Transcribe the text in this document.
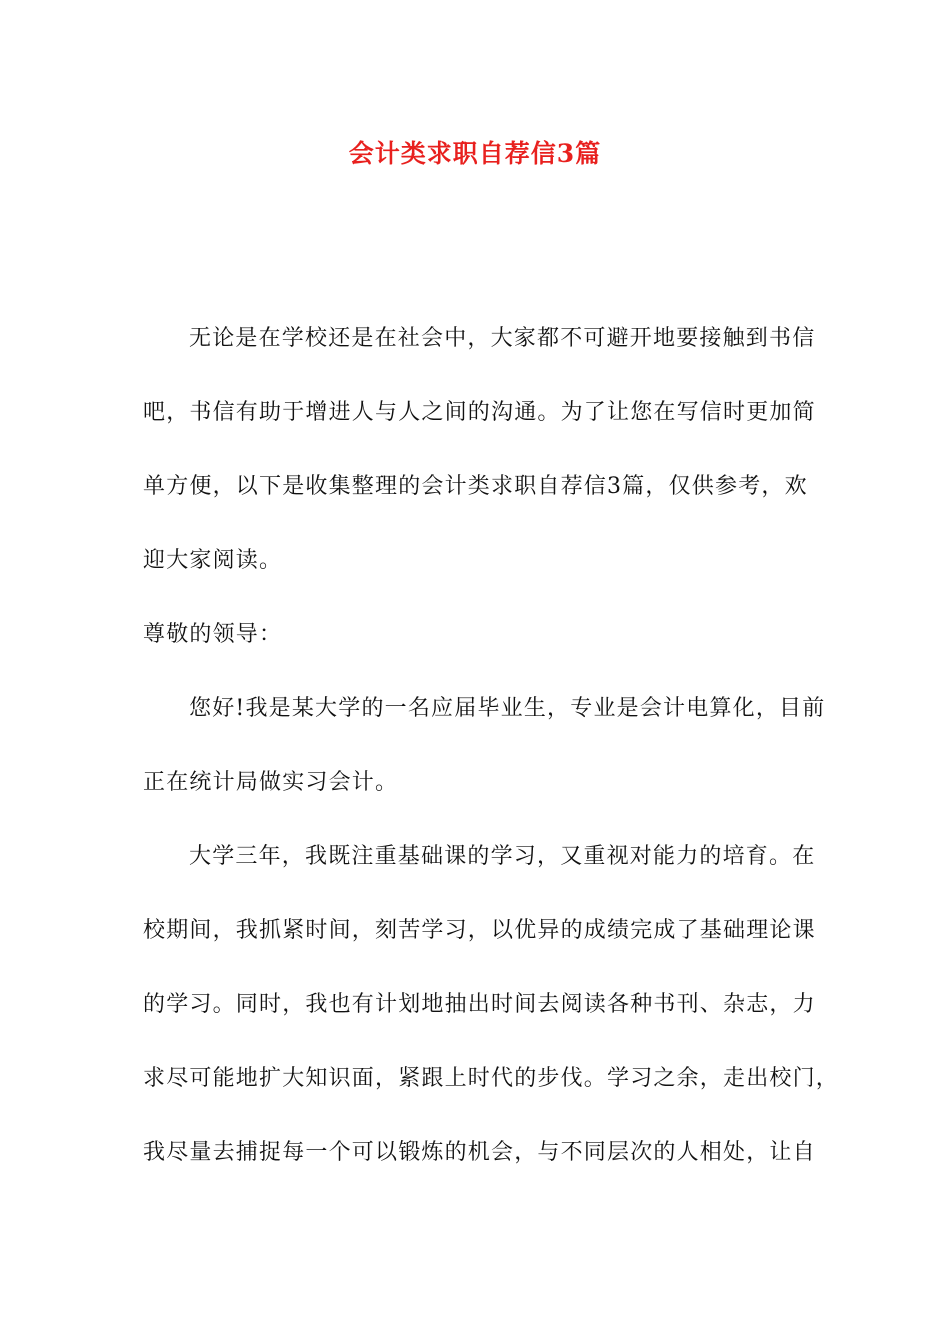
会计类求职自荐信3篇

无论是在学校还是在社会中，大家都不可避开地要接触到书信
吧，书信有助于增进人与人之间的沟通。为了让您在写信时更加简
单方便，以下是收集整理的会计类求职自荐信3篇，仅供参考，欢
迎大家阅读。

尊敬的领导：

您好!我是某大学的一名应届毕业生，专业是会计电算化，目前
正在统计局做实习会计。

大学三年，我既注重基础课的学习，又重视对能力的培育。在
校期间，我抓紧时间，刻苦学习，以优异的成绩完成了基础理论课
的学习。同时，我也有计划地抽出时间去阅读各种书刊、杂志，力
求尽可能地扩大知识面，紧跟上时代的步伐。学习之余，走出校门，
我尽量去捕捉每一个可以锻炼的机会，与不同层次的人相处，让自
